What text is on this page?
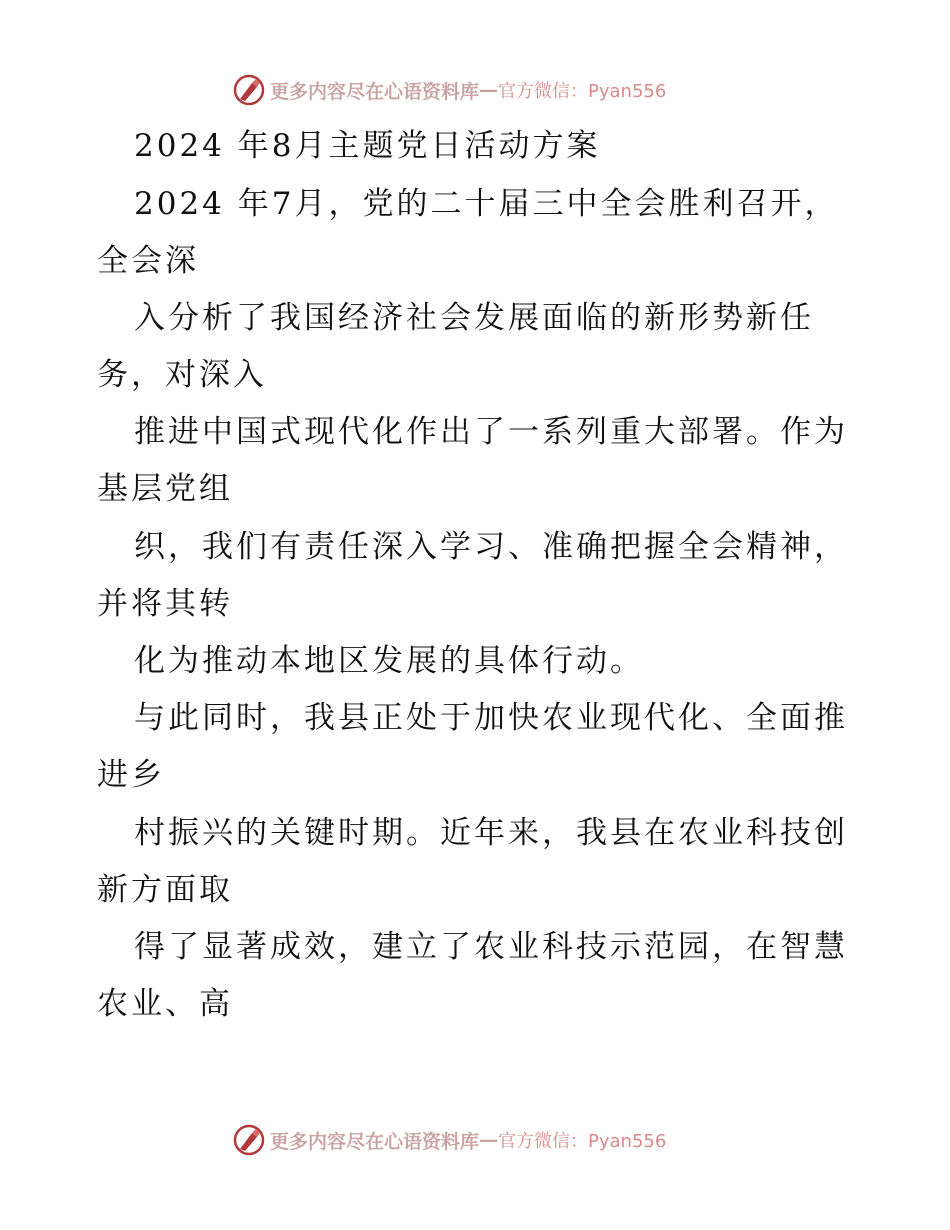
更多内容尽在心语资料库 — 官方微信：Pyan556
2024 年8月主题党日活动方案
2024 年7月，党的二十届三中全会胜利召开，
全会深
入分析了我国经济社会发展面临的新形势新任
务，对深入
推进中国式现代化作出了一系列重大部署。作为
基层党组
织，我们有责任深入学习、准确把握全会精神，
并将其转
化为推动本地区发展的具体行动。
与此同时，我县正处于加快农业现代化、全面推
进乡
村振兴的关键时期。近年来，我县在农业科技创
新方面取
得了显著成效，建立了农业科技示范园，在智慧
农业、高
更多内容尽在心语资料库 — 官方微信：Pyan556
